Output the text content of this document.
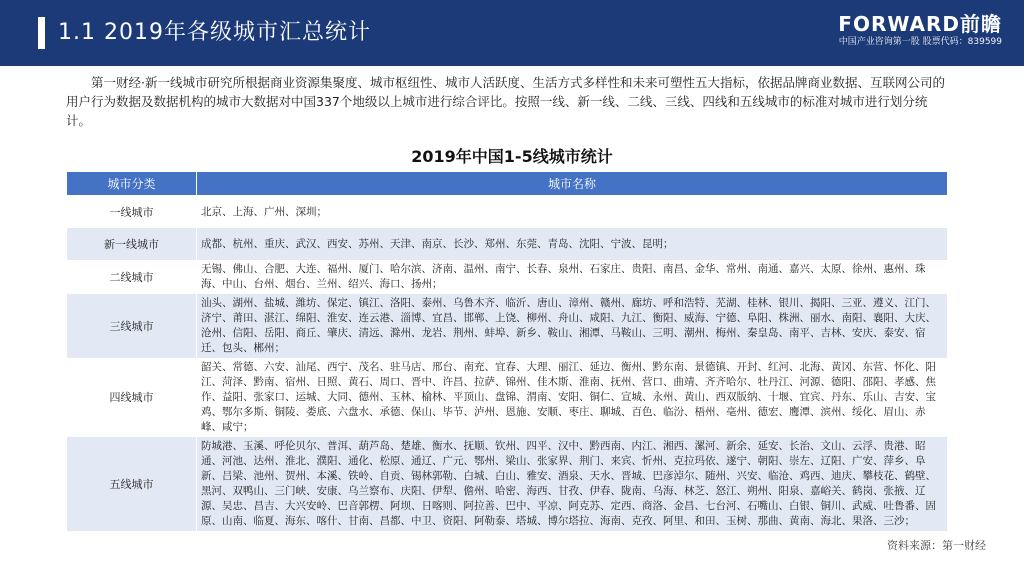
1.1 2019年各级城市汇总统计	FORWARD前瞻
中国产业咨询第一股 股票代码：839599
第一财经·新一线城市研究所根据商业资源集聚度、城市枢纽性、城市人活跃度、生活方式多样性和未来可塑性五大指标，依据品牌商业数据、互联网公司的用户行为数据及数据机构的城市大数据对中国337个地级以上城市进行综合评比。按照一线、新一线、二线、三线、四线和五线城市的标准对城市进行划分统计。
2019年中国1-5线城市统计
城市分类	城市名称
一线城市	北京、上海、广州、深圳；
新一线城市	成都、杭州、重庆、武汉、西安、苏州、天津、南京、长沙、郑州、东莞、青岛、沈阳、宁波、昆明；
二线城市	无锡、佛山、合肥、大连、福州、厦门、哈尔滨、济南、温州、南宁、长春、泉州、石家庄、贵阳、南昌、金华、常州、南通、嘉兴、太原、徐州、惠州、珠海、中山、台州、烟台、兰州、绍兴、海口、扬州；
三线城市	汕头、湖州、盐城、潍坊、保定、镇江、洛阳、泰州、乌鲁木齐、临沂、唐山、漳州、赣州、廊坊、呼和浩特、芜湖、桂林、银川、揭阳、三亚、遵义、江门、济宁、莆田、湛江、绵阳、淮安、连云港、淄博、宜昌、邯郸、上饶、柳州、舟山、咸阳、九江、衡阳、威海、宁德、阜阳、株洲、丽水、南阳、襄阳、大庆、沧州、信阳、岳阳、商丘、肇庆、清远、滁州、龙岩、荆州、蚌埠、新乡、鞍山、湘潭、马鞍山、三明、潮州、梅州、秦皇岛、南平、吉林、安庆、泰安、宿迁、包头、郴州；
四线城市	韶关、常德、六安、汕尾、西宁、茂名、驻马店、邢台、南充、宜春、大理、丽江、延边、衡州、黔东南、景德镇、开封、红河、北海、黄冈、东营、怀化、阳江、菏泽、黔南、宿州、日照、黄石、周口、晋中、许昌、拉萨、锦州、佳木斯、淮南、抚州、营口、曲靖、齐齐哈尔、牡丹江、河源、德阳、邵阳、孝感、焦作、益阳、张家口、运城、大同、德州、玉林、榆林、平顶山、盘锦、渭南、安阳、铜仁、宣城、永州、黄山、西双版纳、十堰、宜宾、丹东、乐山、吉安、宝鸡、鄂尔多斯、铜陵、娄底、六盘水、承德、保山、毕节、泸州、恩施、安顺、枣庄、聊城、百色、临汾、梧州、亳州、德宏、鹰潭、滨州、绥化、眉山、赤峰、咸宁；
五线城市	防城港、玉溪、呼伦贝尔、普洱、葫芦岛、楚雄、衡水、抚顺、钦州、四平、汉中、黔西南、内江、湘西、漯河、新余、延安、长治、文山、云浮、贵港、昭通、河池、达州、淮北、濮阳、通化、松原、通辽、广元、鄂州、梁山、张家界、荆门、来宾、忻州、克拉玛依、遂宁、朝阳、崇左、辽阳、广安、萍乡、阜新、吕梁、池州、贺州、本溪、铁岭、自贡、锡林郭勒、白城、白山、雅安、酒泉、天水、晋城、巴彦淖尔、随州、兴安、临沧、鸡西、迪庆、攀枝花、鹤壁、黑河、双鸭山、三门峡、安康、乌兰察布、庆阳、伊犁、儋州、哈密、海西、甘孜、伊春、陇南、乌海、林芝、怒江、朔州、阳泉、嘉峪关、鹤岗、张掖、辽源、吴忠、昌吉、大兴安岭、巴音郭楞、阿坝、日喀则、阿拉善、巴中、平凉、阿克苏、定西、商洛、金昌、七台河、石嘴山、白银、铜川、武威、吐鲁番、固原、山南、临夏、海东、喀什、甘南、昌都、中卫、资阳、阿勒泰、塔城、博尔塔拉、海南、克孜、阿里、和田、玉树、那曲、黄南、海北、果洛、三沙；
资料来源：第一财经
